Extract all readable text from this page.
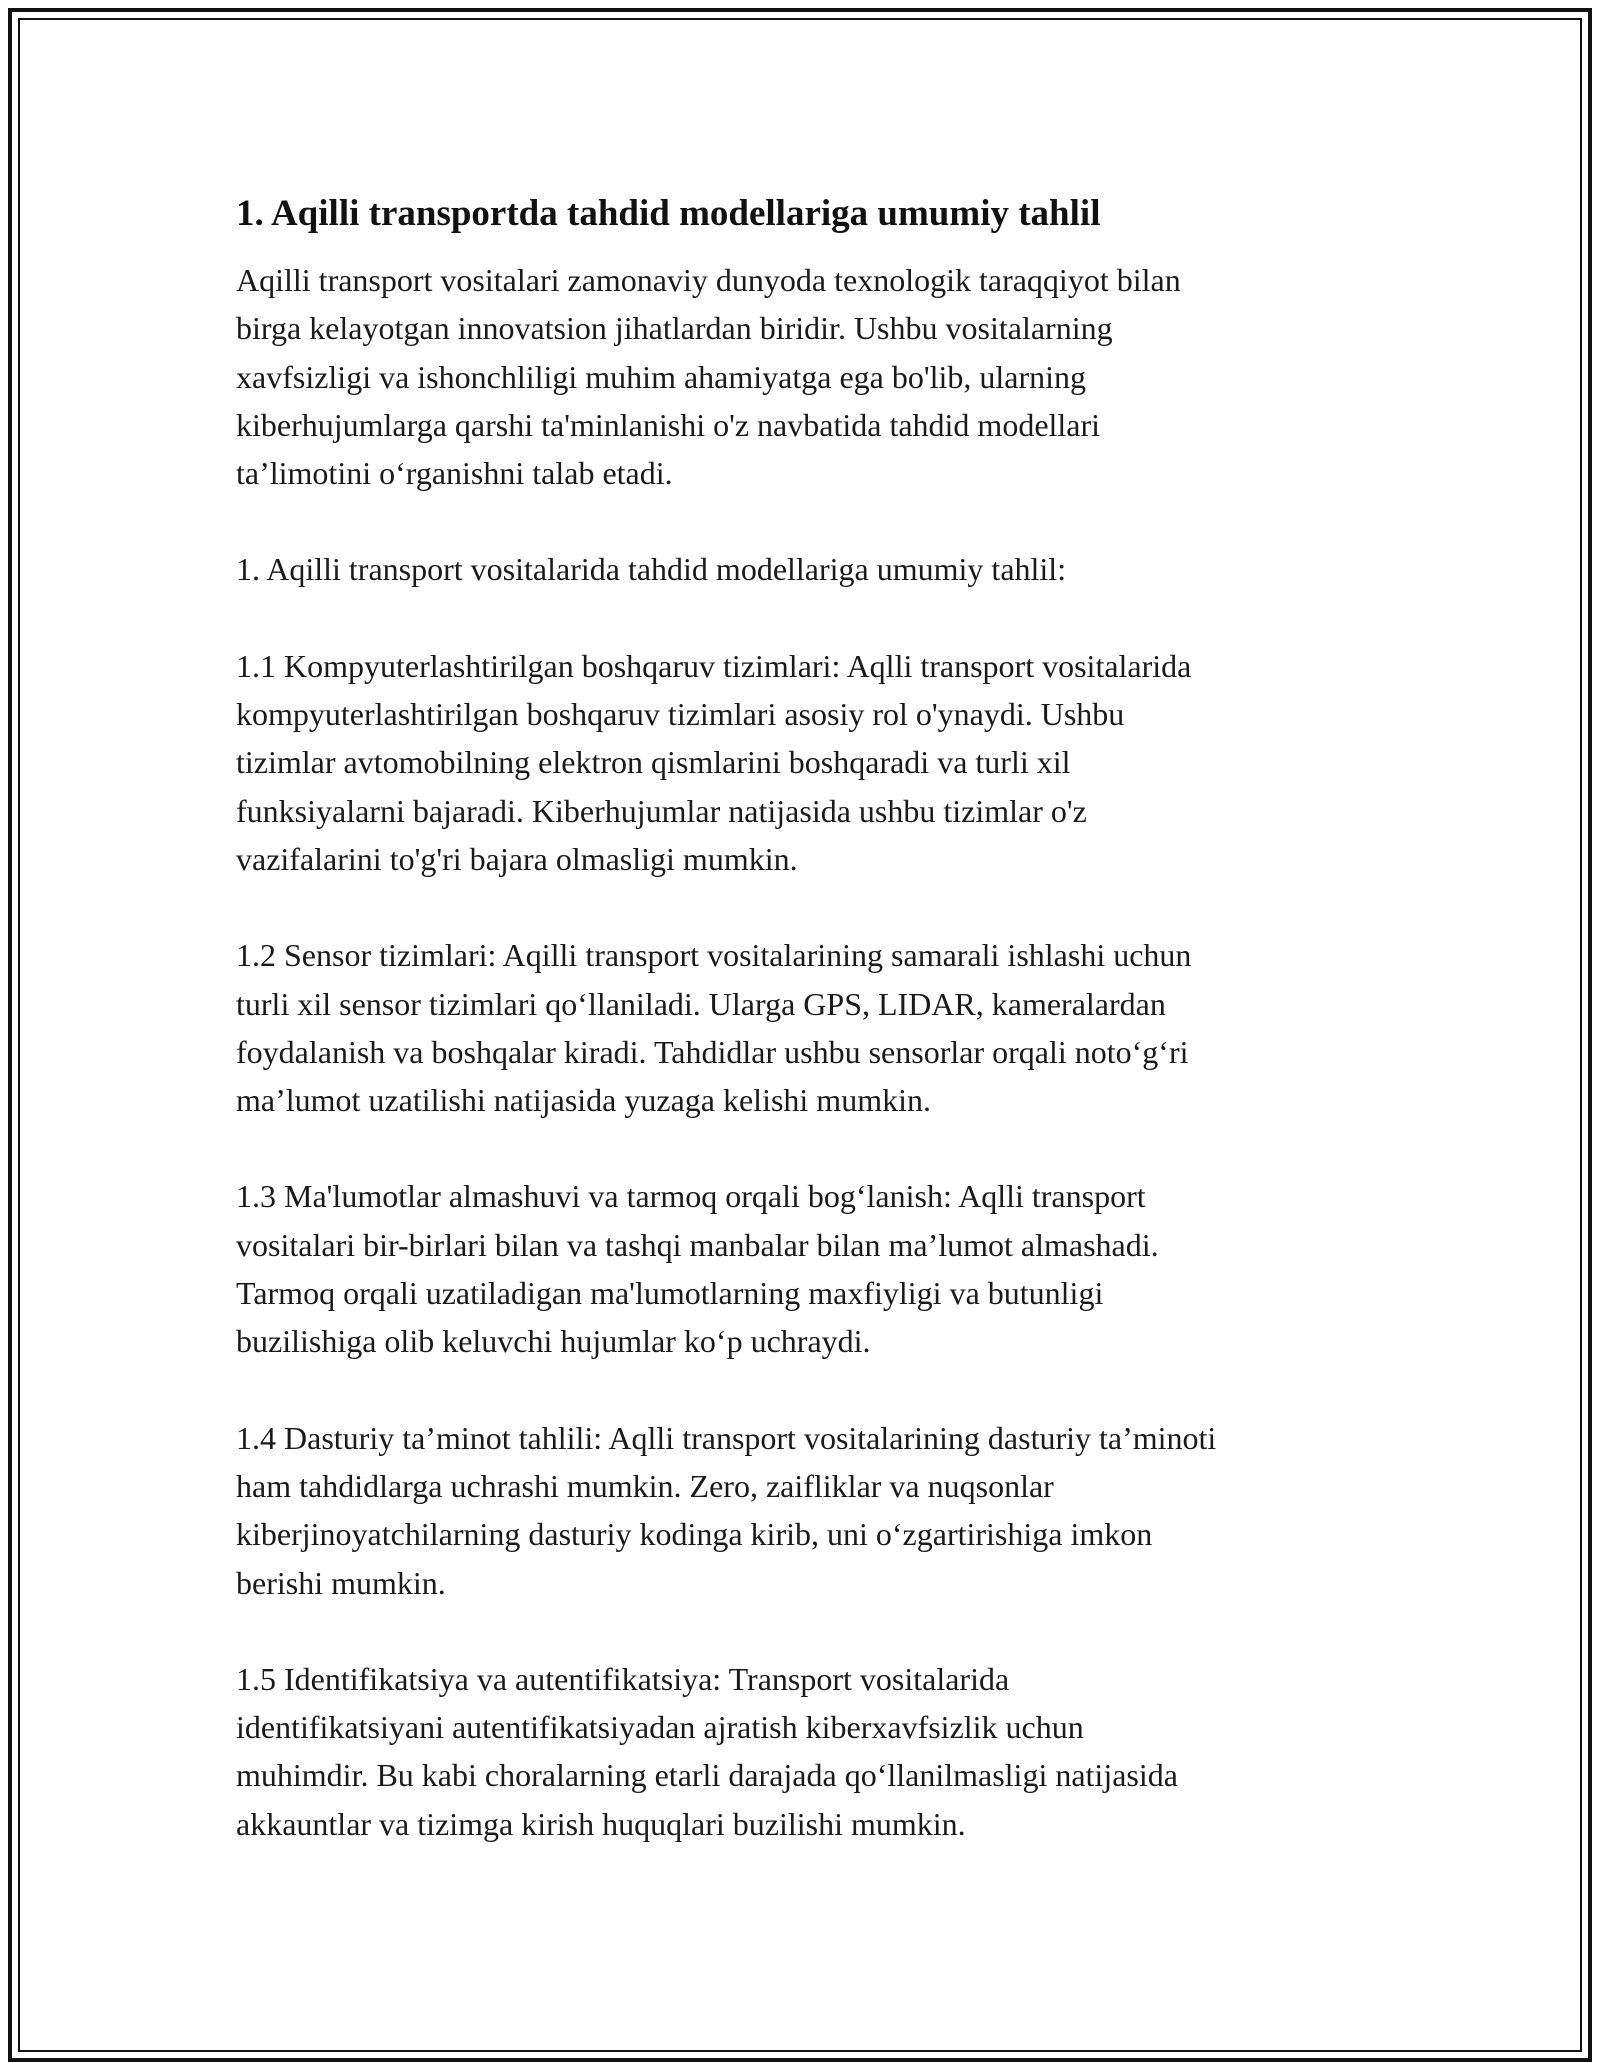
1. Aqilli transportda tahdid modellariga umumiy tahlil

Aqilli transport vositalari zamonaviy dunyoda texnologik taraqqiyot bilan
birga kelayotgan innovatsion jihatlardan biridir. Ushbu vositalarning
xavfsizligi va ishonchliligi muhim ahamiyatga ega bo'lib, ularning
kiberhujumlarga qarshi ta'minlanishi o'z navbatida tahdid modellari
ta’limotini o‘rganishni talab etadi.

1. Aqilli transport vositalarida tahdid modellariga umumiy tahlil:

1.1 Kompyuterlashtirilgan boshqaruv tizimlari: Aqlli transport vositalarida
kompyuterlashtirilgan boshqaruv tizimlari asosiy rol o'ynaydi. Ushbu
tizimlar avtomobilning elektron qismlarini boshqaradi va turli xil
funksiyalarni bajaradi. Kiberhujumlar natijasida ushbu tizimlar o'z
vazifalarini to'g'ri bajara olmasligi mumkin.

1.2 Sensor tizimlari: Aqilli transport vositalarining samarali ishlashi uchun
turli xil sensor tizimlari qo‘llaniladi. Ularga GPS, LIDAR, kameralardan
foydalanish va boshqalar kiradi. Tahdidlar ushbu sensorlar orqali noto‘g‘ri
ma’lumot uzatilishi natijasida yuzaga kelishi mumkin.

1.3 Ma'lumotlar almashuvi va tarmoq orqali bog‘lanish: Aqlli transport
vositalari bir-birlari bilan va tashqi manbalar bilan ma’lumot almashadi.
Tarmoq orqali uzatiladigan ma'lumotlarning maxfiyligi va butunligi
buzilishiga olib keluvchi hujumlar ko‘p uchraydi.

1.4 Dasturiy ta’minot tahlili: Aqlli transport vositalarining dasturiy ta’minoti
ham tahdidlarga uchrashi mumkin. Zero, zaifliklar va nuqsonlar
kiberjinoyatchilarning dasturiy kodinga kirib, uni o‘zgartirishiga imkon
berishi mumkin.

1.5 Identifikatsiya va autentifikatsiya: Transport vositalarida
identifikatsiyani autentifikatsiyadan ajratish kiberxavfsizlik uchun
muhimdir. Bu kabi choralarning etarli darajada qo‘llanilmasligi natijasida
akkauntlar va tizimga kirish huquqlari buzilishi mumkin.
